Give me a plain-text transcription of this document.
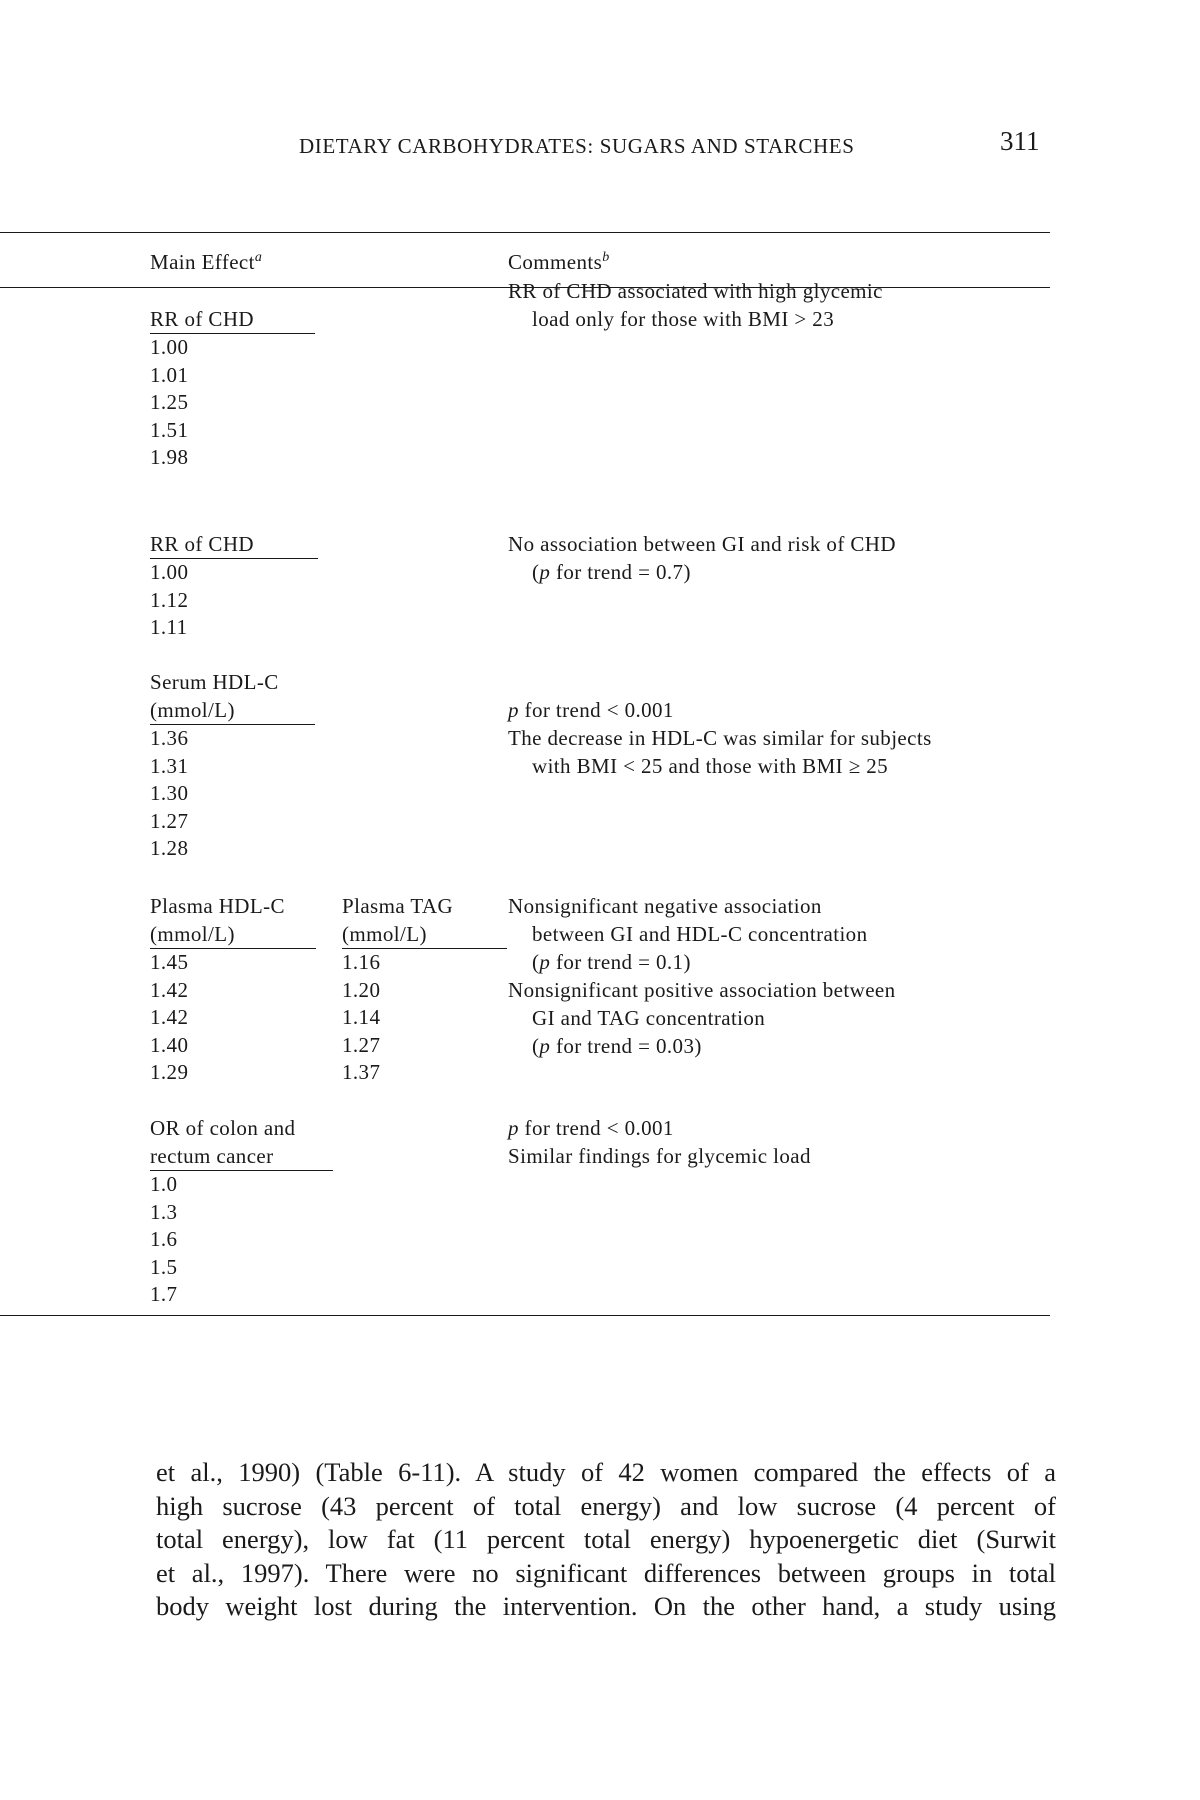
DIETARY CARBOHYDRATES: SUGARS AND STARCHES	311
Main Effect$^a$	Comments$^b$
RR of CHD
1.00
1.01
1.25
1.51
1.98
RR of CHD associated with high glycemic
load only for those with BMI > 23
RR of CHD
1.00
1.12
1.11
No association between GI and risk of CHD
(p for trend = 0.7)
Serum HDL-C
(mmol/L)
1.36
1.31
1.30
1.27
1.28
p for trend < 0.001
The decrease in HDL-C was similar for subjects
with BMI < 25 and those with BMI ≥ 25
Plasma HDL-C
(mmol/L)
1.45
1.42
1.42
1.40
1.29
Plasma TAG
(mmol/L)
1.16
1.20
1.14
1.27
1.37
Nonsignificant negative association
between GI and HDL-C concentration
(p for trend = 0.1)
Nonsignificant positive association between
GI and TAG concentration
(p for trend = 0.03)
OR of colon and
rectum cancer
1.0
1.3
1.6
1.5
1.7
p for trend < 0.001
Similar findings for glycemic load
et al., 1990) (Table 6-11). A study of 42 women compared the effects of a
high sucrose (43 percent of total energy) and low sucrose (4 percent of
total energy), low fat (11 percent total energy) hypoenergetic diet (Surwit
et al., 1997). There were no significant differences between groups in total
body weight lost during the intervention. On the other hand, a study using
